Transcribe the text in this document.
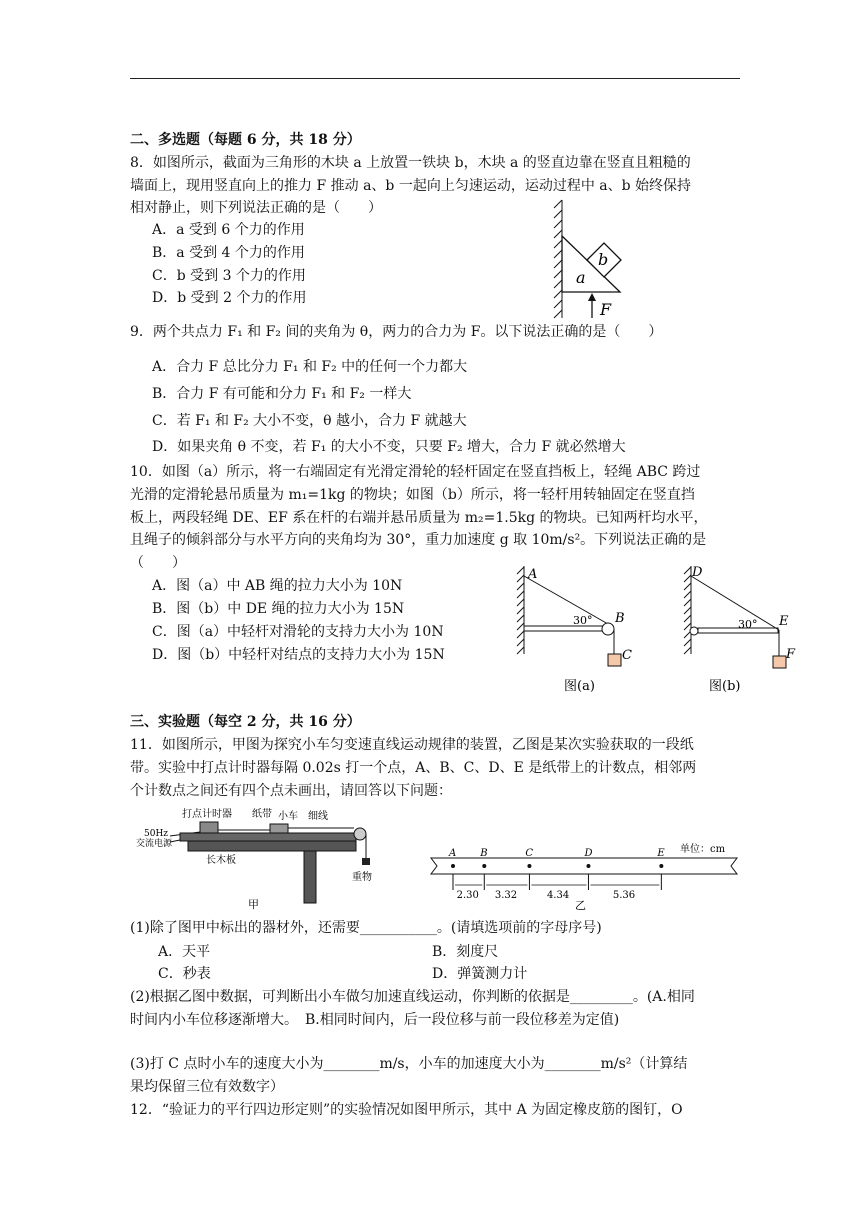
二、多选题（每题 6 分，共 18 分）
8．如图所示，截面为三角形的木块 a 上放置一铁块 b，木块 a 的竖直边靠在竖直且粗糙的
墙面上，现用竖直向上的推力 F 推动 a、b 一起向上匀速运动，运动过程中 a、b 始终保持
相对静止，则下列说法正确的是（　　）
A．a 受到 6 个力的作用
B．a 受到 4 个力的作用
C．b 受到 3 个力的作用
D．b 受到 2 个力的作用
b
a
F
9．两个共点力 F₁ 和 F₂ 间的夹角为 θ，两力的合力为 F。以下说法正确的是（　　）
A．合力 F 总比分力 F₁ 和 F₂ 中的任何一个力都大
B．合力 F 有可能和分力 F₁ 和 F₂ 一样大
C．若 F₁ 和 F₂ 大小不变，θ 越小，合力 F 就越大
D．如果夹角 θ 不变，若 F₁ 的大小不变，只要 F₂ 增大，合力 F 就必然增大
10．如图（a）所示，将一右端固定有光滑定滑轮的轻杆固定在竖直挡板上，轻绳 ABC 跨过
光滑的定滑轮悬吊质量为 m₁=1kg 的物块；如图（b）所示，将一轻杆用转轴固定在竖直挡
板上，两段轻绳 DE、EF 系在杆的右端并悬吊质量为 m₂=1.5kg 的物块。已知两杆均水平，
且绳子的倾斜部分与水平方向的夹角均为 30°，重力加速度 g 取 10m/s²。下列说法正确的是
（　　）
A．图（a）中 AB 绳的拉力大小为 10N
B．图（b）中 DE 绳的拉力大小为 15N
C．图（a）中轻杆对滑轮的支持力大小为 10N
D．图（b）中轻杆对结点的支持力大小为 15N
A
B
C
30°
图(a)
D
E
F
30°
图(b)
三、实验题（每空 2 分，共 16 分）
11．如图所示，甲图为探究小车匀变速直线运动规律的装置，乙图是某次实验获取的一段纸
带。实验中打点计时器每隔 0.02s 打一个点，A、B、C、D、E 是纸带上的计数点，相邻两
个计数点之间还有四个点未画出，请回答以下问题：
打点计时器 纸带 小车 细线
50Hz
交流电源
长木板
重物
甲
单位：cm
A B	C	D	E
2.30 3.32	4.34	5.36
乙
(1)除了图甲中标出的器材外，还需要___________。(请填选项前的字母序号)
A．天平	B．刻度尺
C．秒表	D．弹簧测力计
(2)根据乙图中数据，可判断出小车做匀加速直线运动，你判断的依据是_________。(A.相同
时间内小车位移逐渐增大。　B.相同时间内，后一段位移与前一段位移差为定值)
(3)打 C 点时小车的速度大小为________m/s，小车的加速度大小为________m/s²（计算结
果均保留三位有效数字）
12．“验证力的平行四边形定则”的实验情况如图甲所示，其中 A 为固定橡皮筋的图钉，O
